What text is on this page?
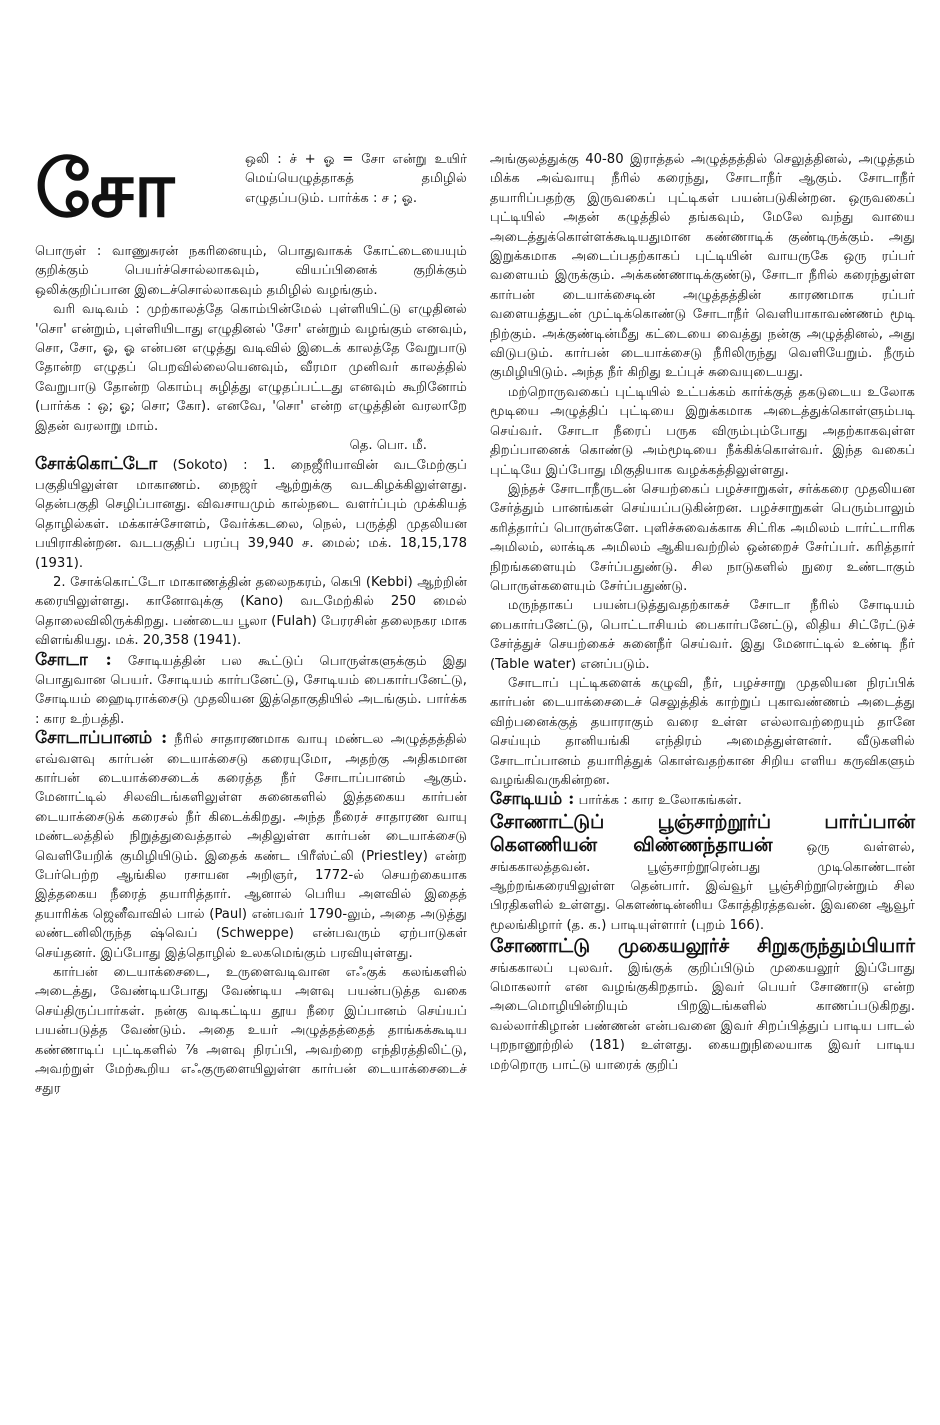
சோ	ஒலி : ச் + ஓ = சோ என்று உயிர் மெய்யெழுத்தாகத் தமிழில் எழுதப்படும். பார்க்க : ச ; ஓ.

பொருள் : வாணுசுரன் நகரினையும், பொதுவாகக் கோட்டையையும் குறிக்கும் பெயர்ச்சொல்லாகவும், வியப்பினைக் குறிக்கும் ஒலிக்குறிப்பான இடைச்சொல்லாகவும் தமிழில் வழங்கும்.

வரி வடிவம் : முற்காலத்தே கொம்பின்மேல் புள்ளியிட்டு எழுதினல் 'சொ' என்றும், புள்ளியிடாது எழுதினல் 'சோ' என்றும் வழங்கும் எனவும், சொ, சோ, ஓ, ஓ என்பன எழுத்து வடிவில் இடைக் காலத்தே வேறுபாடு தோன்ற எழுதப் பெறவில்லையெனவும், வீரமா முனிவர் காலத்தில் வேறுபாடு தோன்ற கொம்பு சுழித்து எழுதப்பட்டது எனவும் கூறினோம் (பார்க்க : ஒ; ஓ; சொ; கோ). எனவே, 'சொ' என்ற எழுத்தின் வரலாறே இதன் வரலாறு மாம்.

தெ. பொ. மீ.

சோக்கொட்டோ (Sokoto) : 1. நைஜீரியாவின் வடமேற்குப் பகுதியிலுள்ள மாகாணம். நைஜர் ஆற்றுக்கு வடகிழக்கிலுள்ளது. தென்பகுதி செழிப்பானது. விவசாயமும் கால்நடை வளர்ப்பும் முக்கியத் தொழில்கள். மக்காச்சோளம், வேர்க்கடலை, நெல், பருத்தி முதலியன பயிராகின்றன. வடபகுதிப் பரப்பு 39,940 ச. மைல்; மக். 18,15,178 (1931).

2. சோக்கொட்டோ மாகாணத்தின் தலைநகரம், கெபி (Kebbi) ஆற்றின் கரையிலுள்ளது. கானோவுக்கு (Kano) வடமேற்கில் 250 மைல் தொலைவிலிருக்கிறது. பண்டைய பூலா (Fulah) பேரரசின் தலைநகர மாக விளங்கியது. மக். 20,358 (1941).

சோடா : சோடியத்தின் பல கூட்டுப் பொருள்களுக்கும் இது பொதுவான பெயர். சோடியம் கார்பனேட்டு, சோடியம் பைகார்பனேட்டு, சோடியம் ஹைடிராக்சைடு முதலியன இத்தொகுதியில் அடங்கும். பார்க்க : கார உற்பத்தி.

சோடாப்பானம் : நீரில் சாதாரணமாக வாயு மண்டல அழுத்தத்தில் எவ்வளவு கார்பன் டையாக்சைடு கரையுமோ, அதற்கு அதிகமான கார்பன் டையாக்சைடைக் கரைத்த நீர் சோடாப்பானம் ஆகும். மேனாட்டில் சிலவிடங்களிலுள்ள சுனைகளில் இத்தகைய கார்பன் டையாக்சைடுக் கரைசல் நீர் கிடைக்கிறது. அந்த நீரைச் சாதாரண வாயு மண்டலத்தில் நிறுத்துவைத்தால் அதிலுள்ள கார்பன் டையாக்சைடு வெளியேறிக் குமிழியிடும். இதைக் கண்ட பிரீஸ்ட்லி (Priestley) என்ற பேர்பெற்ற ஆங்கில ரசாயன அறிஞர், 1772-ல் செயற்கையாக இத்தகைய நீரைத் தயாரித்தார். ஆனால் பெரிய அளவில் இதைத் தயாரிக்க ஜெனீவாவில் பால் (Paul) என்பவர் 1790-லும், அதை அடுத்து லண்டனிலிருந்த ஷ்வெப் (Schweppe) என்பவரும் ஏற்பாடுகள் செய்தனர். இப்போது இத்தொழில் உலகமெங்கும் பரவியுள்ளது.

கார்பன் டையாக்சைடை, உருளைவடிவான எஃகுக் கலங்களில் அடைத்து, வேண்டியபோது வேண்டிய அளவு பயன்படுத்த வகை செய்திருப்பார்கள். நன்கு வடிகட்டிய தூய நீரை இப்பானம் செய்யப் பயன்படுத்த வேண்டும். அதை உயர் அழுத்தத்தைத் தாங்கக்கூடிய கண்ணாடிப் புட்டிகளில் ⅞ அளவு நிரப்பி, அவற்றை எந்திரத்திலிட்டு, அவற்றுள் மேற்கூறிய எஃகுருளையிலுள்ள கார்பன் டையாக்சைடைச் சதுர

அங்குலத்துக்கு 40-80 இராத்தல் அழுத்தத்தில் செலுத்தினல், அழுத்தம் மிக்க அவ்வாயு நீரில் கரைந்து, சோடாநீர் ஆகும். சோடாநீர் தயாரிப்பதற்கு இருவகைப் புட்டிகள் பயன்படுகின்றன. ஒருவகைப் புட்டியில் அதன் கழுத்தில் தங்கவும், மேலே வந்து வாயை அடைத்துக்கொள்ளக்கூடியதுமான கண்ணாடிக் குண்டிருக்கும். அது இறுக்கமாக அடைப்பதற்காகப் புட்டியின் வாயருகே ஒரு ரப்பர் வளையம் இருக்கும். அக்கண்ணாடிக்குண்டு, சோடா நீரில் கரைந்துள்ள கார்பன் டையாக்சைடின் அழுத்தத்தின் காரணமாக ரப்பர் வளையத்துடன் முட்டிக்கொண்டு சோடாநீர் வெளியாகாவண்ணம் மூடி நிற்கும். அக்குண்டின்மீது கட்டையை வைத்து நன்கு அழுத்தினல், அது விடுபடும். கார்பன் டையாக்சைடு நீரிலிருந்து வெளியேறும். நீரும் குமிழியிடும். அந்த நீர் கிறிது உப்புச் சுவையுடையது.

மற்றொருவகைப் புட்டியில் உட்பக்கம் கார்க்குத் தகடுடைய உலோக மூடியை அழுத்திப் புட்டியை இறுக்கமாக அடைத்துக்கொள்ளும்படி செய்வர். சோடா நீரைப் பருக விரும்பும்போது அதற்காகவுள்ள திறப்பானைக் கொண்டு அம்மூடியை நீக்கிக்கொள்வர். இந்த வகைப் புட்டியே இப்போது மிகுதியாக வழக்கத்திலுள்ளது.

இந்தச் சோடாநீருடன் செயற்கைப் பழச்சாறுகள், சர்க்கரை முதலியன சேர்த்தும் பானங்கள் செய்யப்படுகின்றன. பழச்சாறுகள் பெரும்பாலும் கரித்தார்ப் பொருள்களே. புளிச்சுவைக்காக சிட்ரிக அமிலம் டார்ட்டாரிக அமிலம், லாக்டிக அமிலம் ஆகியவற்றில் ஒன்றைச் சேர்ப்பர். கரித்தார் நிறங்களையும் சேர்ப்பதுண்டு. சில நாடுகளில் நுரை உண்டாகும் பொருள்களையும் சேர்ப்பதுண்டு.

மருந்தாகப் பயன்படுத்துவதற்காகச் சோடா நீரில் சோடியம் பைகார்பனேட்டு, பொட்டாசியம் பைகார்பனேட்டு, லிதிய சிட்ரேட்டுச் சேர்த்துச் செயற்கைச் சுனைநீர் செய்வர். இது மேனாட்டில் உண்டி நீர் (Table water) எனப்படும்.

சோடாப் புட்டிகளைக் கழுவி, நீர், பழச்சாறு முதலியன நிரப்பிக் கார்பன் டையாக்சைடைச் செலுத்திக் காற்றுப் புகாவண்ணம் அடைத்து விற்பனைக்குத் தயாராகும் வரை உள்ள எல்லாவற்றையும் தானே செய்யும் தானியங்கி எந்திரம் அமைத்துள்ளனர். வீடுகளில் சோடாப்பானம் தயாரித்துக் கொள்வதற்கான சிறிய எளிய கருவிகளும் வழங்கிவருகின்றன.

சோடியம் : பார்க்க : கார உலோகங்கள்.

சோணாட்டுப் பூஞ்சாற்றூர்ப் பார்ப்பான் கௌணியன் விண்ணந்தாயன்	ஒரு வள்ளல், சங்ககாலத்தவன். பூஞ்சாற்றூரென்பது முடிகொண்டான் ஆற்றங்கரையிலுள்ள தென்பார். இவ்வூர் பூஞ்சிற்றூரென்றும் சில பிரதிகளில் உள்ளது. கௌண்டின்னிய கோத்திரத்தவன். இவனை ஆவூர் மூலங்கிழார் (த. க.) பாடியுள்ளார் (புறம் 166).

சோணாட்டு முகையலூர்ச் சிறுகருந்தும்பியார் சங்ககாலப் புலவர். இங்குக் குறிப்பிடும் முகையலூர் இப்போது மொகலார் என வழங்குகிறதாம். இவர் பெயர் சோணாடு என்ற அடைமொழியின்றியும் பிறஇடங்களில் காணப்படுகிறது. வல்லார்கிழான் பண்ணன் என்பவனை இவர் சிறப்பித்துப் பாடிய பாடல் புறநானூற்றில் (181) உள்ளது. கையறுநிலையாக இவர் பாடிய மற்றொரு பாட்டு யாரைக் குறிப்
